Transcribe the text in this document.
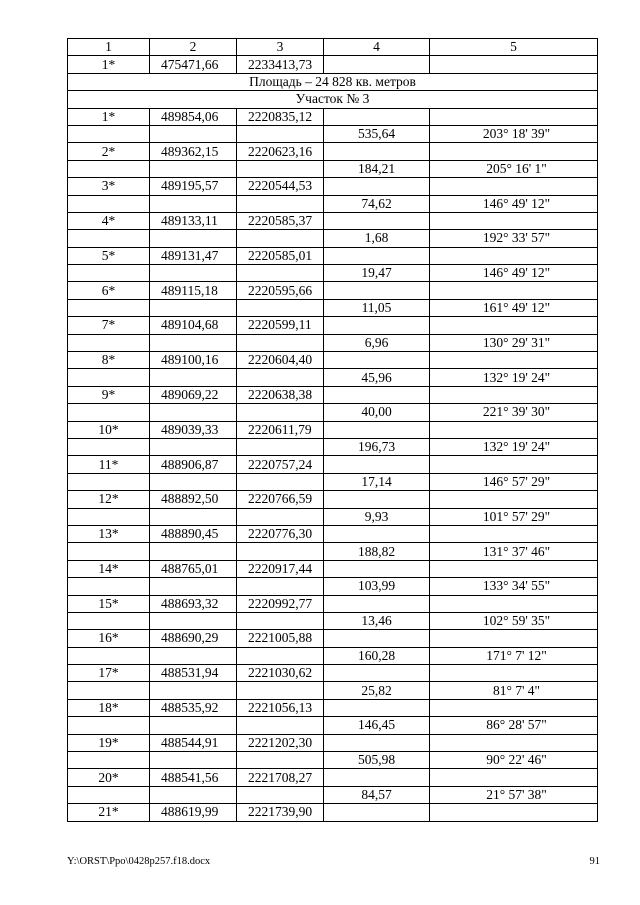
1	2	3	4	5
1*	475471,66	2233413,73		
Площадь – 24 828 кв. метров				
Участок № 3				
1*	489854,06	2220835,12		
			535,64	203° 18' 39"
2*	489362,15	2220623,16		
			184,21	205° 16' 1"
3*	489195,57	2220544,53		
			74,62	146° 49' 12"
4*	489133,11	2220585,37		
			1,68	192° 33' 57"
5*	489131,47	2220585,01		
			19,47	146° 49' 12"
6*	489115,18	2220595,66		
			11,05	161° 49' 12"
7*	489104,68	2220599,11		
			6,96	130° 29' 31"
8*	489100,16	2220604,40		
			45,96	132° 19' 24"
9*	489069,22	2220638,38		
			40,00	221° 39' 30"
10*	489039,33	2220611,79		
			196,73	132° 19' 24"
11*	488906,87	2220757,24		
			17,14	146° 57' 29"
12*	488892,50	2220766,59		
			9,93	101° 57' 29"
13*	488890,45	2220776,30		
			188,82	131° 37' 46"
14*	488765,01	2220917,44		
			103,99	133° 34' 55"
15*	488693,32	2220992,77		
			13,46	102° 59' 35"
16*	488690,29	2221005,88		
			160,28	171° 7' 12"
17*	488531,94	2221030,62		
			25,82	81° 7' 4"
18*	488535,92	2221056,13		
			146,45	86° 28' 57"
19*	488544,91	2221202,30		
			505,98	90° 22' 46"
20*	488541,56	2221708,27		
			84,57	21° 57' 38"
21*	488619,99	2221739,90		
Y:\ORST\Ppo\0428p257.f18.docx	91
